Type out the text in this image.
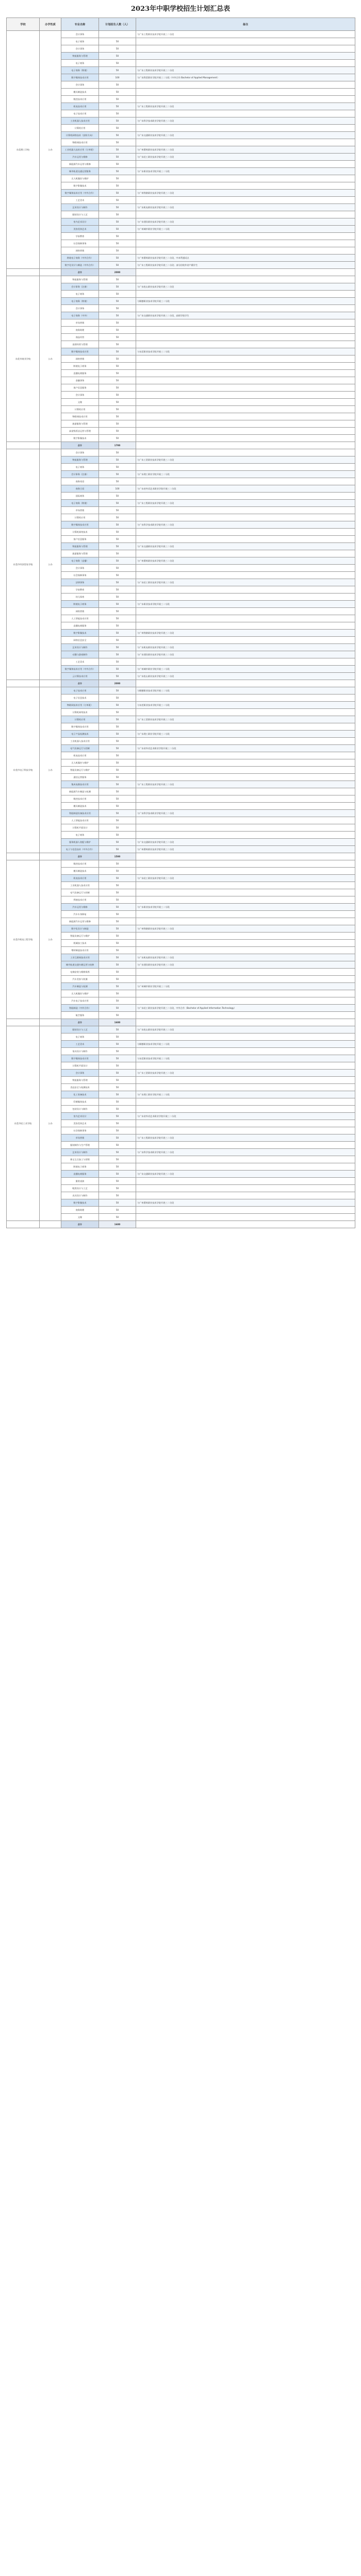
2023年中职学校招生计划汇总表
学校	办学性质	专业名称	计划招生人数（人）	备注
东莞理工学校	公办	会计事务		与广东工程职业技术学院开展三二分段
		电子商务	50	
		会计事务	50	
		物流服务与管理	50	
		电子商务	50	
		电子商务（跨境）	50	与广东工程职业技术学院开展三二分段
		数字媒体技术应用	100	与广东科贸职业学院开展三二分段（中外合作 Bachelor of Applied Management）
		会计事务	50	
		模具制造技术	50	
		数控技术应用	50	
		机电技术应用	50	与广东工程职业技术学院开展三二分段
		电子技术应用	50	
		工业机器人技术应用	50	与广东科学技术职业学院开展三二分段
		计算机应用	50	
		计算机网络技术（安防方向）	50	与广东交通职业技术学院开展三二分段
		物联网技术应用	50	
		工业机器人技术应用（订单班）	50	与广州番禺职业技术学院开展三二分段
		汽车运用与维修	50	与广东轻工职业技术学院开展三二分段
		新能源汽车运用与维修	50	
		城市轨道交通运营服务	50	与广东职业技术学院开展三二分段
		无人机操控与维护	50	
		数字影像技术	50	
		数字媒体技术应用（中外合作）	50	与广州铁路职业技术学院开展三二分段
		工艺美术	50	
		艺术设计与制作	50	与广东机电职业技术学院开展三二分段
		服装设计与工艺	50	
		室内艺术设计	50	与广东建设职业技术学院开展三二分段
		美容美体艺术	50	与广州城市职业学院开展三二分段
		学前教育	50	
		社会保障事务	50	
		网络营销	50	
		跨境电子商务（中外合作）	50	与广州番禺职业技术学院开展三二分段，中本贯通试点
		数字化设计与制造（中外合作）	50	与广东工程职业技术学院开展三二分段；部分招收外省户籍学生
		合计	2000	
东莞市商业学校	公办	物流服务与管理	50	
		会计事务（注册）	50	与广东松山职业技术学院开展三二分段
		电子商务	50	
		电子商务（跨境）	50	与顺德职业技术学院开展三二分段
		会计事务	50	
		电子商务（中外）	50	与广东交通职业技术学院开展三二分段，高职学院学生
		市场营销	50	
		商务助理	50	
		商品经营	50	
		连锁经营与管理	50	
		数字媒体技术应用	50	与东莞职业技术学院开展三二分段
		网络营销	50	
		跨境电子商务	50	
		直播电商服务	50	
		金融事务	50	
		客户信息服务	50	
		会计事务	50	
		文秘	50	
		计算机应用	50	
		物联网技术应用	50	
		旅游服务与管理	50	
		高星级饭店运营与管理	50	
		数字影像技术	50	
		合计	1700	
东莞市经济贸易学校	公办	会计事务	50	
		物流服务与管理	50	与广东工贸职业技术学院开展三二分段
		电子商务	50	
		会计事务（注册）	50	与广东理工职业学院开展三二分段
		商务英语	50	
		商务日语	100	与广东省外语艺术职业学院开展三二分段
		国际商务	50	
		电子商务（跨境）	50	与广东工程职业技术学院开展三二分段
		市场营销	50	
		计算机应用	50	
		数字媒体技术应用	50	与广东科学技术职业学院开展三二分段
		计算机网络技术	50	
		客户信息服务	50	
		物流服务与管理	50	与广东交通职业技术学院开展三二分段
		旅游服务与管理	50	
		电子商务（直播）	50	与广州番禺职业技术学院开展三二分段
		会计事务	50	
		社会保障事务	50	
		法律事务	50	与广东轻工职业技术学院开展三二分段
		学前教育	50	
		幼儿保育	50	
		跨境电子商务	50	与广东职业技术学院开展三二分段
		网络营销	50	
		人工智能技术应用	50	
		直播电商服务	50	
		数字影像技术	50	与广州铁路职业技术学院开展三二分段
		网络信息安全	50	
		艺术设计与制作	50	与广东机电职业技术学院开展三二分段
		动漫与游戏制作	50	与广东建设职业技术学院开展三二分段
		工艺美术	50	
		数字媒体技术应用（中外合作）	50	与广州城市职业学院开展三二分段
		云计算技术应用	50	与广东松山职业技术学院开展三二分段
		合计	2000	
东莞市电子科技学校	公办	电子技术应用	50	与顺德职业技术学院开展三二分段
		电子信息技术	50	
		物联网技术应用（订单班）	50	与东莞职业技术学院开展三二分段
		计算机网络技术	50	
		计算机应用	50	与广东工贸职业技术学院开展三二分段
		数字媒体技术应用	50	
		电子产品检测技术	50	与广东理工职业学院开展三二分段
		工业机器人技术应用	50	
		电气设备运行与控制	50	与广东省外语艺术职业学院开展三二分段
		机电技术应用	50	
		无人机操控与维护	50	
		智能设备运行与维护	50	
		通信运营服务	50	
		集成电路技术应用	50	与广东工程职业技术学院开展三二分段
		新能源汽车制造与检测	50	
		数控技术应用	50	
		模具制造技术	50	
		智能制造设备技术应用	50	与广东科学技术职业学院开展三二分段
		人工智能技术应用	50	
		计算机平面设计	50	
		电子商务	50	
		服务机器人装配与维护	50	与广东交通职业技术学院开展三二分段
		电子与信息技术（中外合作）	50	与广州番禺职业技术学院开展三二分段
		合计	1500	
东莞市机电工程学校	公办	数控技术应用	50	
		模具制造技术	50	
		机电技术应用	50	与广东轻工职业技术学院开展三二分段
		工业机器人技术应用	50	
		电气设备运行与控制	50	
		焊接技术应用	50	
		汽车运用与维修	50	与广东职业技术学院开展三二分段
		汽车车身修复	50	
		新能源汽车运用与维修	50	
		数字化设计与制造	50	与广州铁路职业技术学院开展三二分段
		智能设备运行与维护	50	
		机械加工技术	50	
		增材制造技术应用	50	
		工业互联网技术应用	50	与广东机电职业技术学院开展三二分段
		城市轨道交通车辆运用与检修	50	与广东建设职业技术学院开展三二分段
		电梯安装与维修保养	50	
		汽车美容与装潢	50	
		汽车制造与检测	50	与广州城市职业学院开展三二分段
		无人机操控与维护	50	
		汽车电子技术应用	50	
		智能制造（中外合作）	50	与广东轻工职业技术学院开展三二分段，中外合作（Bachelor of Applied Information Technology）
		航空服务	50	
		合计	1600	
东莞市轻工业学校	公办	服装设计与工艺	50	与广东松山职业技术学院开展三二分段
		电子商务	50	
		工艺美术	50	与顺德职业技术学院开展三二分段
		家具设计与制作	50	
		数字媒体技术应用	50	与东莞职业技术学院开展三二分段
		计算机平面设计	50	
		会计事务	50	与广东工贸职业技术学院开展三二分段
		物流服务与管理	50	
		食品安全与检测技术	50	
		化工装备技术	50	与广东理工职业学院开展三二分段
		印刷媒体技术	50	
		包装设计与制作	50	
		室内艺术设计	50	与广东省外语艺术职业学院开展三二分段
		美容美体艺术	50	
		社会保障事务	50	
		市场营销	50	与广东工程职业技术学院开展三二分段
		服装制作与生产管理	50	
		艺术设计与制作	50	与广东科学技术职业学院开展三二分段
		珠宝玉石加工与营销	50	
		跨境电子商务	50	
		直播电商服务	50	与广东交通职业技术学院开展三二分段
		服装表演	50	
		鞋类设计与工艺	50	
		皮具设计与制作	50	
		数字影像技术	50	与广州番禺职业技术学院开展三二分段
		商务助理	50	
		文秘	50	
		合计	1600	
